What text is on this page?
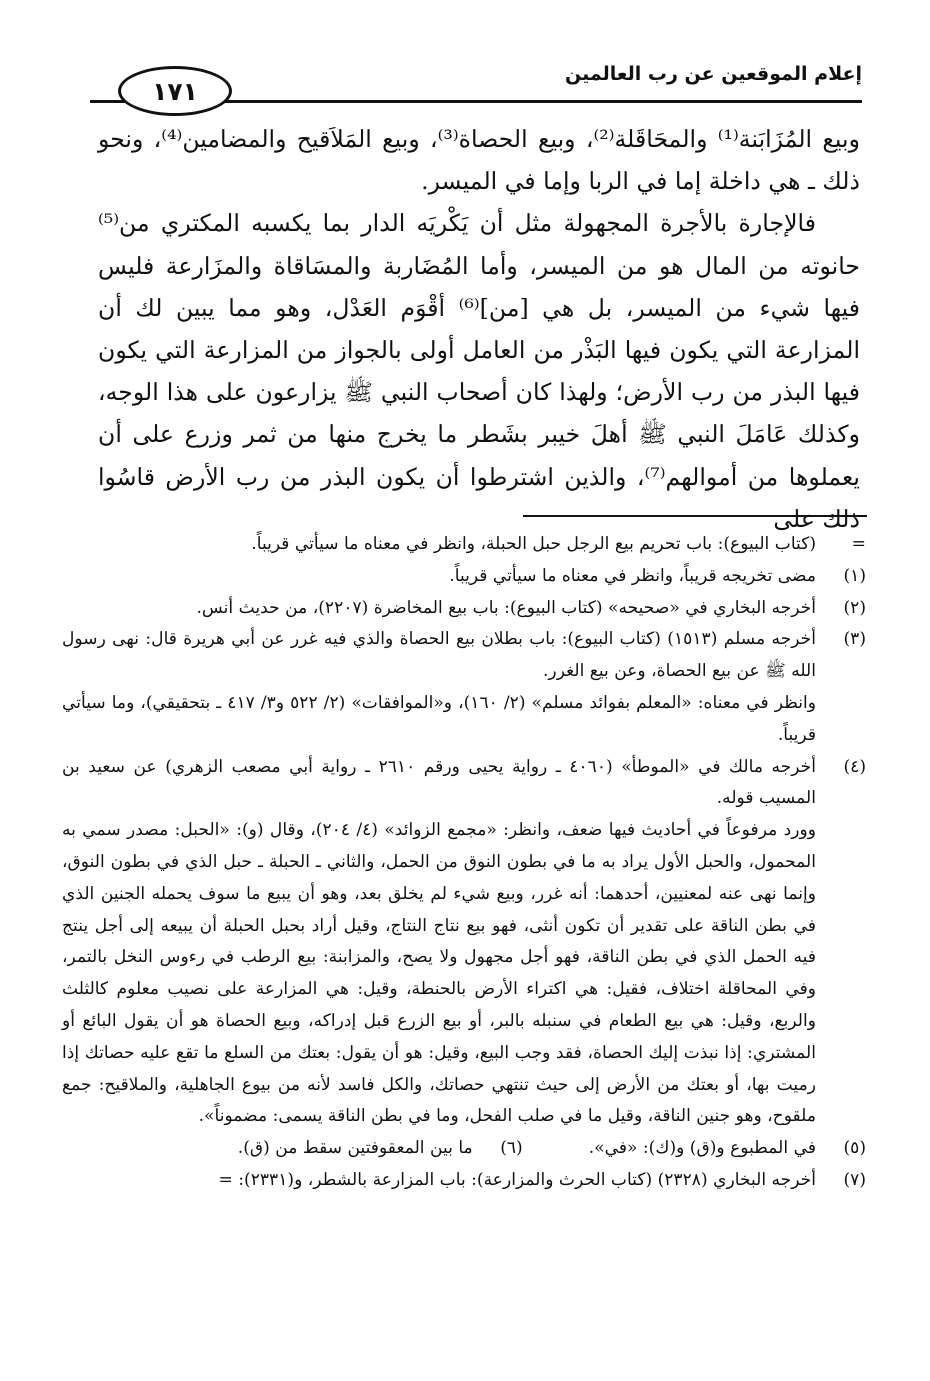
إعلام الموقعين عن رب العالمين
١٧١

وبيع المُزَابَنة⁽¹⁾ والمحَاقَلة⁽²⁾، وبيع الحصاة⁽³⁾، وبيع المَلاَقيح والمضامين⁽⁴⁾، ونحو ذلك ـ هي داخلة إما في الربا وإما في الميسر.

فالإجارة بالأجرة المجهولة مثل أن يَكْريَه الدار بما يكسبه المكتري من⁽⁵⁾ حانوته من المال هو من الميسر، وأما المُضَاربة والمسَاقاة والمزَارعة فليس فيها شيء من الميسر، بل هي [من]⁽⁶⁾ أقْوَم العَدْل، وهو مما يبين لك أن المزارعة التي يكون فيها البَذْر من العامل أولى بالجواز من المزارعة التي يكون فيها البذر من رب الأرض؛ ولهذا كان أصحاب النبي ﷺ يزارعون على هذا الوجه، وكذلك عَامَلَ النبي ﷺ أهلَ خيبر بشَطر ما يخرج منها من ثمر وزرع على أن يعملوها من أموالهم⁽⁷⁾، والذين اشترطوا أن يكون البذر من رب الأرض قاسُوا ذلك على

=
(كتاب البيوع): باب تحريم بيع الرجل حبل الحبلة، وانظر في معناه ما سيأتي قريباً.
(١)
مضى تخريجه قريباً، وانظر في معناه ما سيأتي قريباً.
(٢)
أخرجه البخاري في «صحيحه» (كتاب البيوع): باب بيع المخاضرة (٢٢٠٧)، من حديث أنس.
(٣)
أخرجه مسلم (١٥١٣) (كتاب البيوع): باب بطلان بيع الحصاة والذي فيه غرر عن أبي هريرة قال: نهى رسول الله ﷺ عن بيع الحصاة، وعن بيع الغرر.
وانظر في معناه: «المعلم بفوائد مسلم» (٢/ ١٦٠)، و«الموافقات» (٢/ ٥٢٢ و٣/ ٤١٧ ـ بتحقيقي)، وما سيأتي قريباً.
(٤)
أخرجه مالك في «الموطأ» (٤٠٦٠ ـ رواية يحيى ورقم ٢٦١٠ ـ رواية أبي مصعب الزهري) عن سعيد بن المسيب قوله.
وورد مرفوعاً في أحاديث فيها ضعف، وانظر: «مجمع الزوائد» (٤/ ٢٠٤)، وقال (و): «الحبل: مصدر سمي به المحمول، والحبل الأول يراد به ما في بطون النوق من الحمل، والثاني ـ الحبلة ـ حبل الذي في بطون النوق، وإنما نهى عنه لمعنيين، أحدهما: أنه غرر، وبيع شيء لم يخلق بعد، وهو أن يبيع ما سوف يحمله الجنين الذي في بطن الناقة على تقدير أن تكون أنثى، فهو بيع نتاج النتاج، وقيل أراد بحبل الحبلة أن يبيعه إلى أجل ينتج فيه الحمل الذي في بطن الناقة، فهو أجل مجهول ولا يصح، والمزابنة: بيع الرطب في رءوس النخل بالتمر، وفي المحاقلة اختلاف، فقيل: هي اكتراء الأرض بالحنطة، وقيل: هي المزارعة على نصيب معلوم كالثلث والربع، وقيل: هي بيع الطعام في سنبله بالبر، أو بيع الزرع قبل إدراكه، وبيع الحصاة هو أن يقول البائع أو المشتري: إذا نبذت إليك الحصاة، فقد وجب البيع، وقيل: هو أن يقول: بعتك من السلع ما تقع عليه حصاتك إذا رميت بها، أو بعتك من الأرض إلى حيث تنتهي حصاتك، والكل فاسد لأنه من بيوع الجاهلية، والملاقيح: جمع ملقوح، وهو جنين الناقة، وقيل ما في صلب الفحل، وما في بطن الناقة يسمى: مضموناً».
(٥)
في المطبوع و(ق) و(ك): «في».
(٦)
ما بين المعقوفتين سقط من (ق).
(٧)
أخرجه البخاري (٢٣٢٨) (كتاب الحرث والمزارعة): باب المزارعة بالشطر، و(٢٣٣١): =
